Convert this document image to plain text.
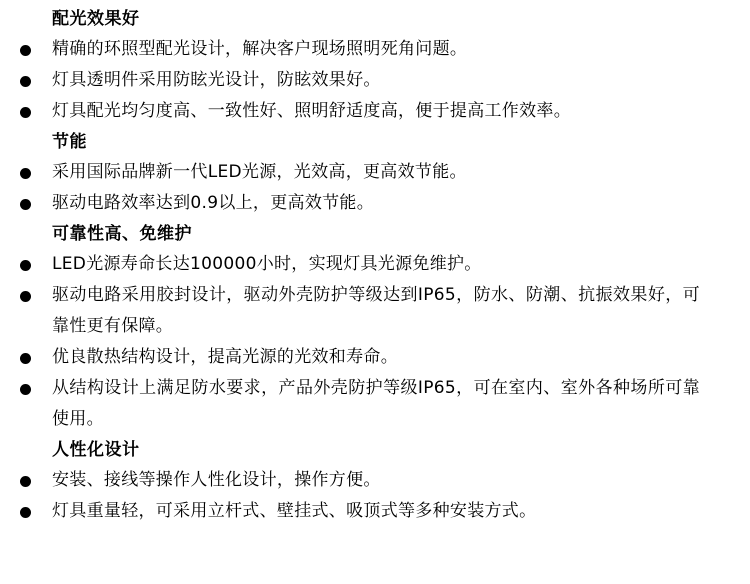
配光效果好
精确的环照型配光设计，解决客户现场照明死角问题。
灯具透明件采用防眩光设计，防眩效果好。
灯具配光均匀度高、一致性好、照明舒适度高，便于提高工作效率。
节能
采用国际品牌新一代LED光源，光效高，更高效节能。
驱动电路效率达到0.9以上，更高效节能。
可靠性高、免维护
LED光源寿命长达100000小时，实现灯具光源免维护。
驱动电路采用胶封设计，驱动外壳防护等级达到IP65，防水、防潮、抗振效果好，可靠性更有保障。
优良散热结构设计，提高光源的光效和寿命。
从结构设计上满足防水要求，产品外壳防护等级IP65，可在室内、室外各种场所可靠使用。
人性化设计
安装、接线等操作人性化设计，操作方便。
灯具重量轻，可采用立杆式、壁挂式、吸顶式等多种安装方式。
